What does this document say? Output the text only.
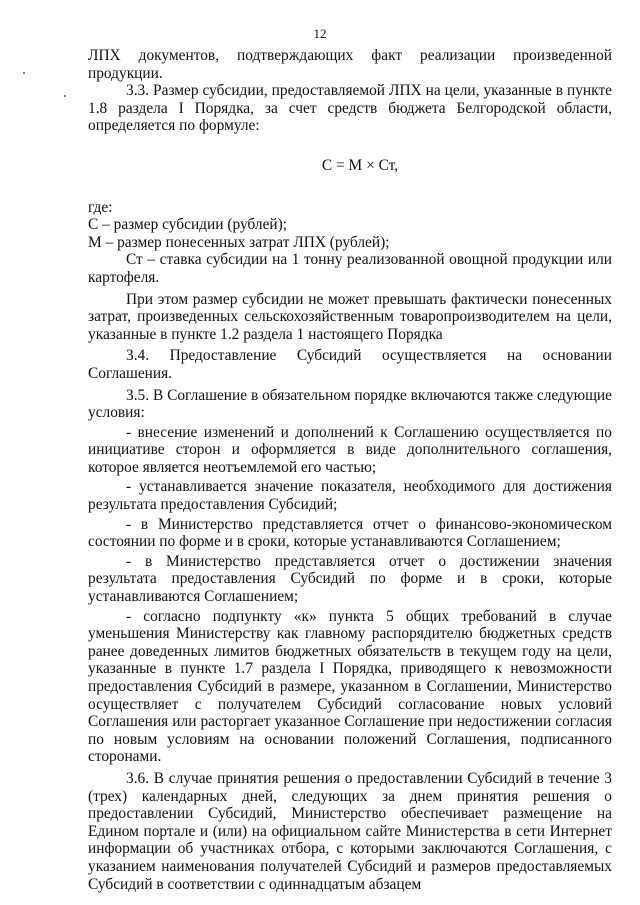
12

ЛПХ документов, подтверждающих факт реализации произведенной продукции.

3.3. Размер субсидии, предоставляемой ЛПХ на цели, указанные в пункте 1.8 раздела I Порядка, за счет средств бюджета Белгородской области, определяется по формуле:

C = M × Ст,

где:

С – размер субсидии (рублей);

М – размер понесенных затрат ЛПХ (рублей);

Ст – ставка субсидии на 1 тонну реализованной овощной продукции или картофеля.

При этом размер субсидии не может превышать фактически понесенных затрат, произведенных сельскохозяйственным товаропроизводителем на цели, указанные в пункте 1.2 раздела 1 настоящего Порядка

3.4. Предоставление Субсидий осуществляется на основании Соглашения.

3.5. В Соглашение в обязательном порядке включаются также следующие условия:

- внесение изменений и дополнений к Соглашению осуществляется по инициативе сторон и оформляется в виде дополнительного соглашения, которое является неотъемлемой его частью;

- устанавливается значение показателя, необходимого для достижения результата предоставления Субсидий;

- в Министерство представляется отчет о финансово-экономическом состоянии по форме и в сроки, которые устанавливаются Соглашением;

- в Министерство представляется отчет о достижении значения результата предоставления Субсидий по форме и в сроки, которые устанавливаются Соглашением;

- согласно подпункту «к» пункта 5 общих требований в случае уменьшения Министерству как главному распорядителю бюджетных средств ранее доведенных лимитов бюджетных обязательств в текущем году на цели, указанные в пункте 1.7 раздела I Порядка, приводящего к невозможности предоставления Субсидий в размере, указанном в Соглашении, Министерство осуществляет с получателем Субсидий согласование новых условий Соглашения или расторгает указанное Соглашение при недостижении согласия по новым условиям на основании положений Соглашения, подписанного сторонами.

3.6. В случае принятия решения о предоставлении Субсидий в течение 3 (трех) календарных дней, следующих за днем принятия решения о предоставлении Субсидий, Министерство обеспечивает размещение на Едином портале и (или) на официальном сайте Министерства в сети Интернет информации об участниках отбора, с которыми заключаются Соглашения, с указанием наименования получателей Субсидий и размеров предоставляемых Субсидий в соответствии с одиннадцатым абзацем
